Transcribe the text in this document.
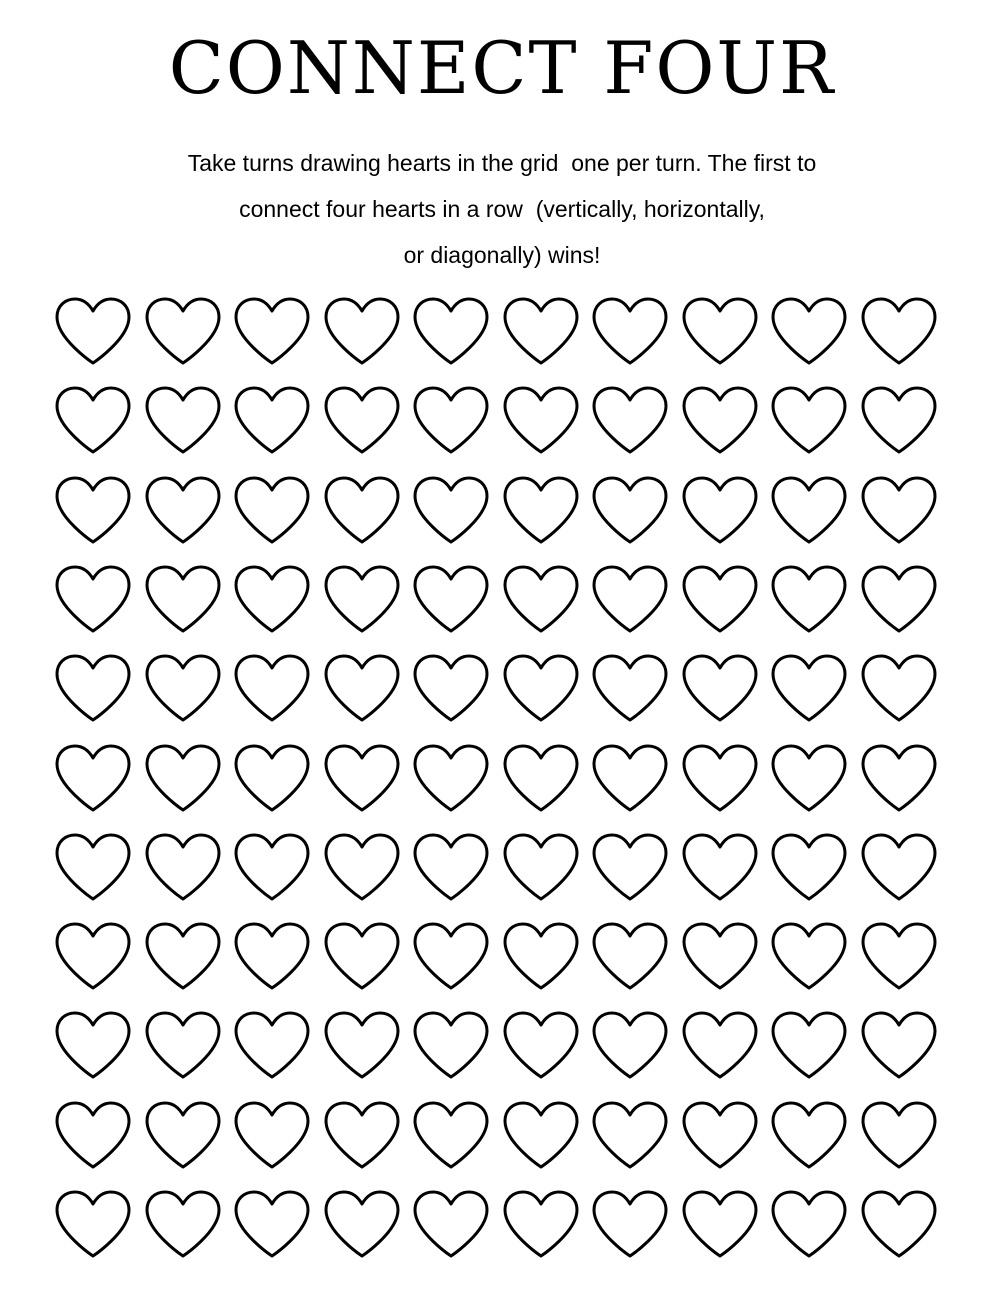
CONNECT FOUR
Take turns drawing hearts in the grid  one per turn. The first to
connect four hearts in a row  (vertically, horizontally,
or diagonally) wins!
